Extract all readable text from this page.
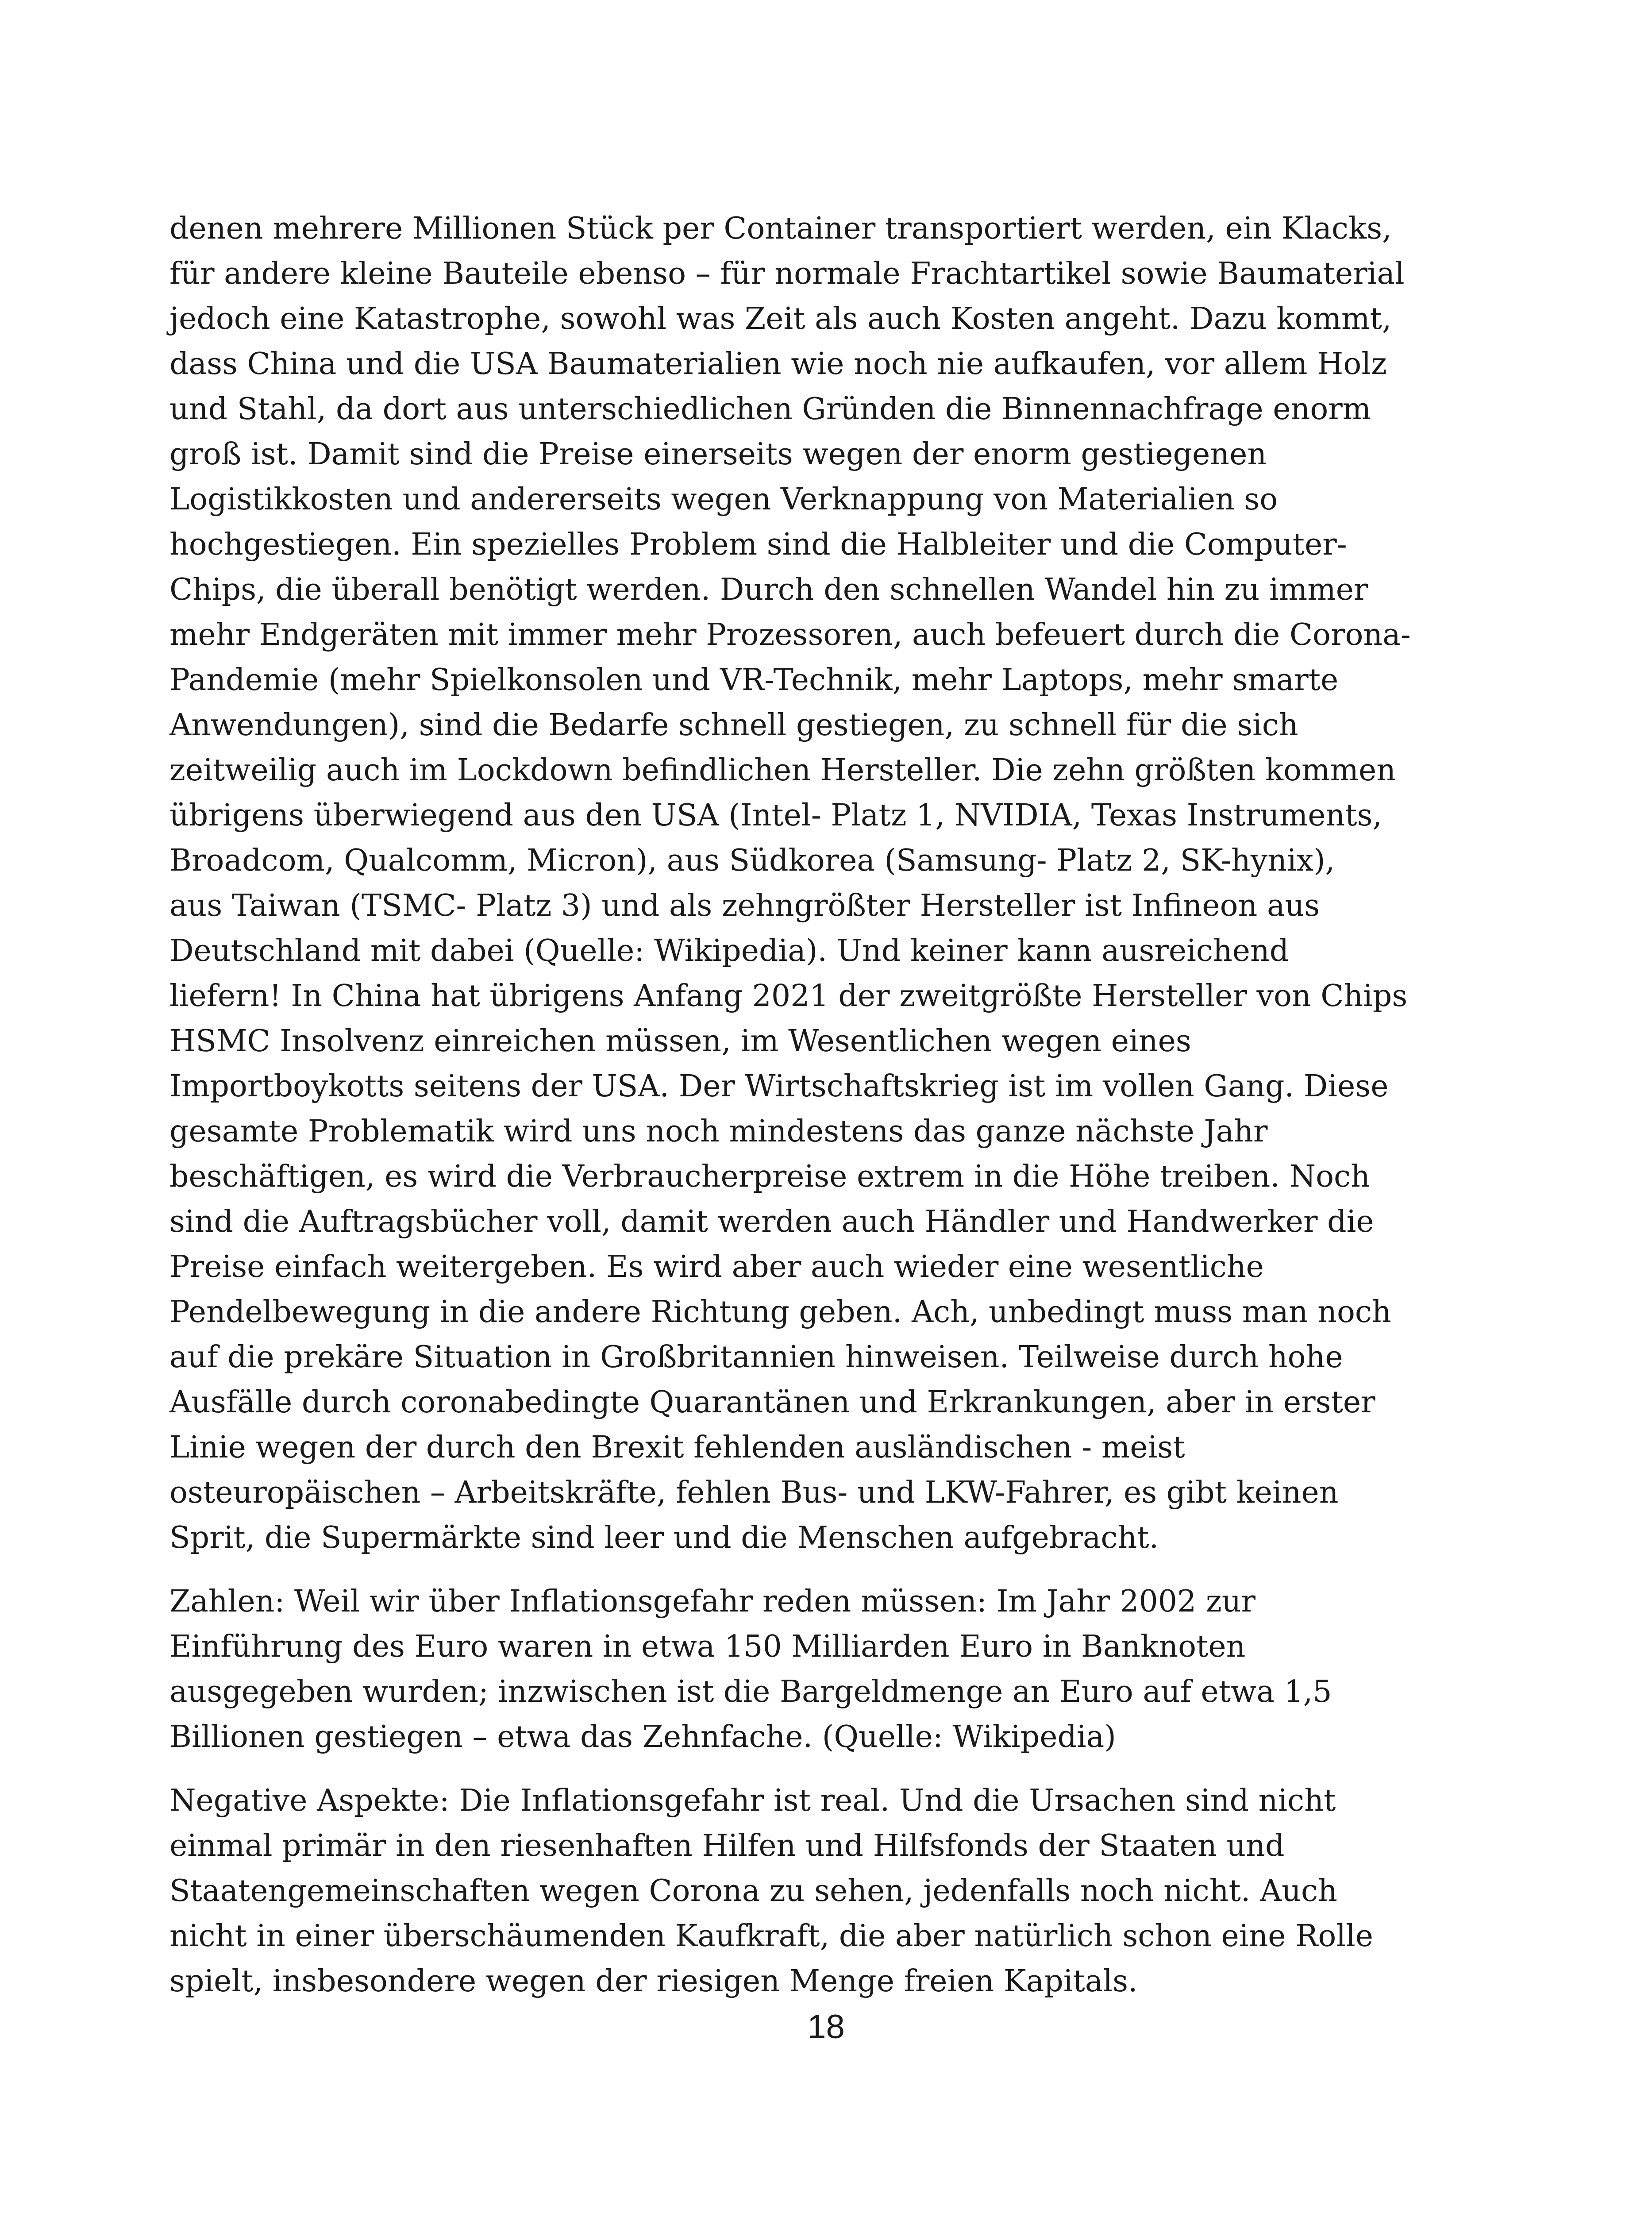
denen mehrere Millionen Stück per Container transportiert werden, ein Klacks,
für andere kleine Bauteile ebenso – für normale Frachtartikel sowie Baumaterial
jedoch eine Katastrophe, sowohl was Zeit als auch Kosten angeht. Dazu kommt,
dass China und die USA Baumaterialien wie noch nie aufkaufen, vor allem Holz
und Stahl, da dort aus unterschiedlichen Gründen die Binnennachfrage enorm
groß ist. Damit sind die Preise einerseits wegen der enorm gestiegenen
Logistikkosten und andererseits wegen Verknappung von Materialien so
hochgestiegen. Ein spezielles Problem sind die Halbleiter und die Computer-
Chips, die überall benötigt werden. Durch den schnellen Wandel hin zu immer
mehr Endgeräten mit immer mehr Prozessoren, auch befeuert durch die Corona-
Pandemie (mehr Spielkonsolen und VR-Technik, mehr Laptops, mehr smarte
Anwendungen), sind die Bedarfe schnell gestiegen, zu schnell für die sich
zeitweilig auch im Lockdown befindlichen Hersteller. Die zehn größten kommen
übrigens überwiegend aus den USA (Intel- Platz 1, NVIDIA, Texas Instruments,
Broadcom, Qualcomm, Micron), aus Südkorea (Samsung- Platz 2, SK-hynix),
aus Taiwan (TSMC- Platz 3) und als zehngrößter Hersteller ist Infineon aus
Deutschland mit dabei (Quelle: Wikipedia). Und keiner kann ausreichend
liefern! In China hat übrigens Anfang 2021 der zweitgrößte Hersteller von Chips
HSMC Insolvenz einreichen müssen, im Wesentlichen wegen eines
Importboykotts seitens der USA. Der Wirtschaftskrieg ist im vollen Gang. Diese
gesamte Problematik wird uns noch mindestens das ganze nächste Jahr
beschäftigen, es wird die Verbraucherpreise extrem in die Höhe treiben. Noch
sind die Auftragsbücher voll, damit werden auch Händler und Handwerker die
Preise einfach weitergeben. Es wird aber auch wieder eine wesentliche
Pendelbewegung in die andere Richtung geben. Ach, unbedingt muss man noch
auf die prekäre Situation in Großbritannien hinweisen. Teilweise durch hohe
Ausfälle durch coronabedingte Quarantänen und Erkrankungen, aber in erster
Linie wegen der durch den Brexit fehlenden ausländischen - meist
osteuropäischen – Arbeitskräfte, fehlen Bus- und LKW-Fahrer, es gibt keinen
Sprit, die Supermärkte sind leer und die Menschen aufgebracht.

Zahlen: Weil wir über Inflationsgefahr reden müssen: Im Jahr 2002 zur
Einführung des Euro waren in etwa 150 Milliarden Euro in Banknoten
ausgegeben wurden; inzwischen ist die Bargeldmenge an Euro auf etwa 1,5
Billionen gestiegen – etwa das Zehnfache. (Quelle: Wikipedia)

Negative Aspekte: Die Inflationsgefahr ist real. Und die Ursachen sind nicht
einmal primär in den riesenhaften Hilfen und Hilfsfonds der Staaten und
Staatengemeinschaften wegen Corona zu sehen, jedenfalls noch nicht. Auch
nicht in einer überschäumenden Kaufkraft, die aber natürlich schon eine Rolle
spielt, insbesondere wegen der riesigen Menge freien Kapitals.

18
